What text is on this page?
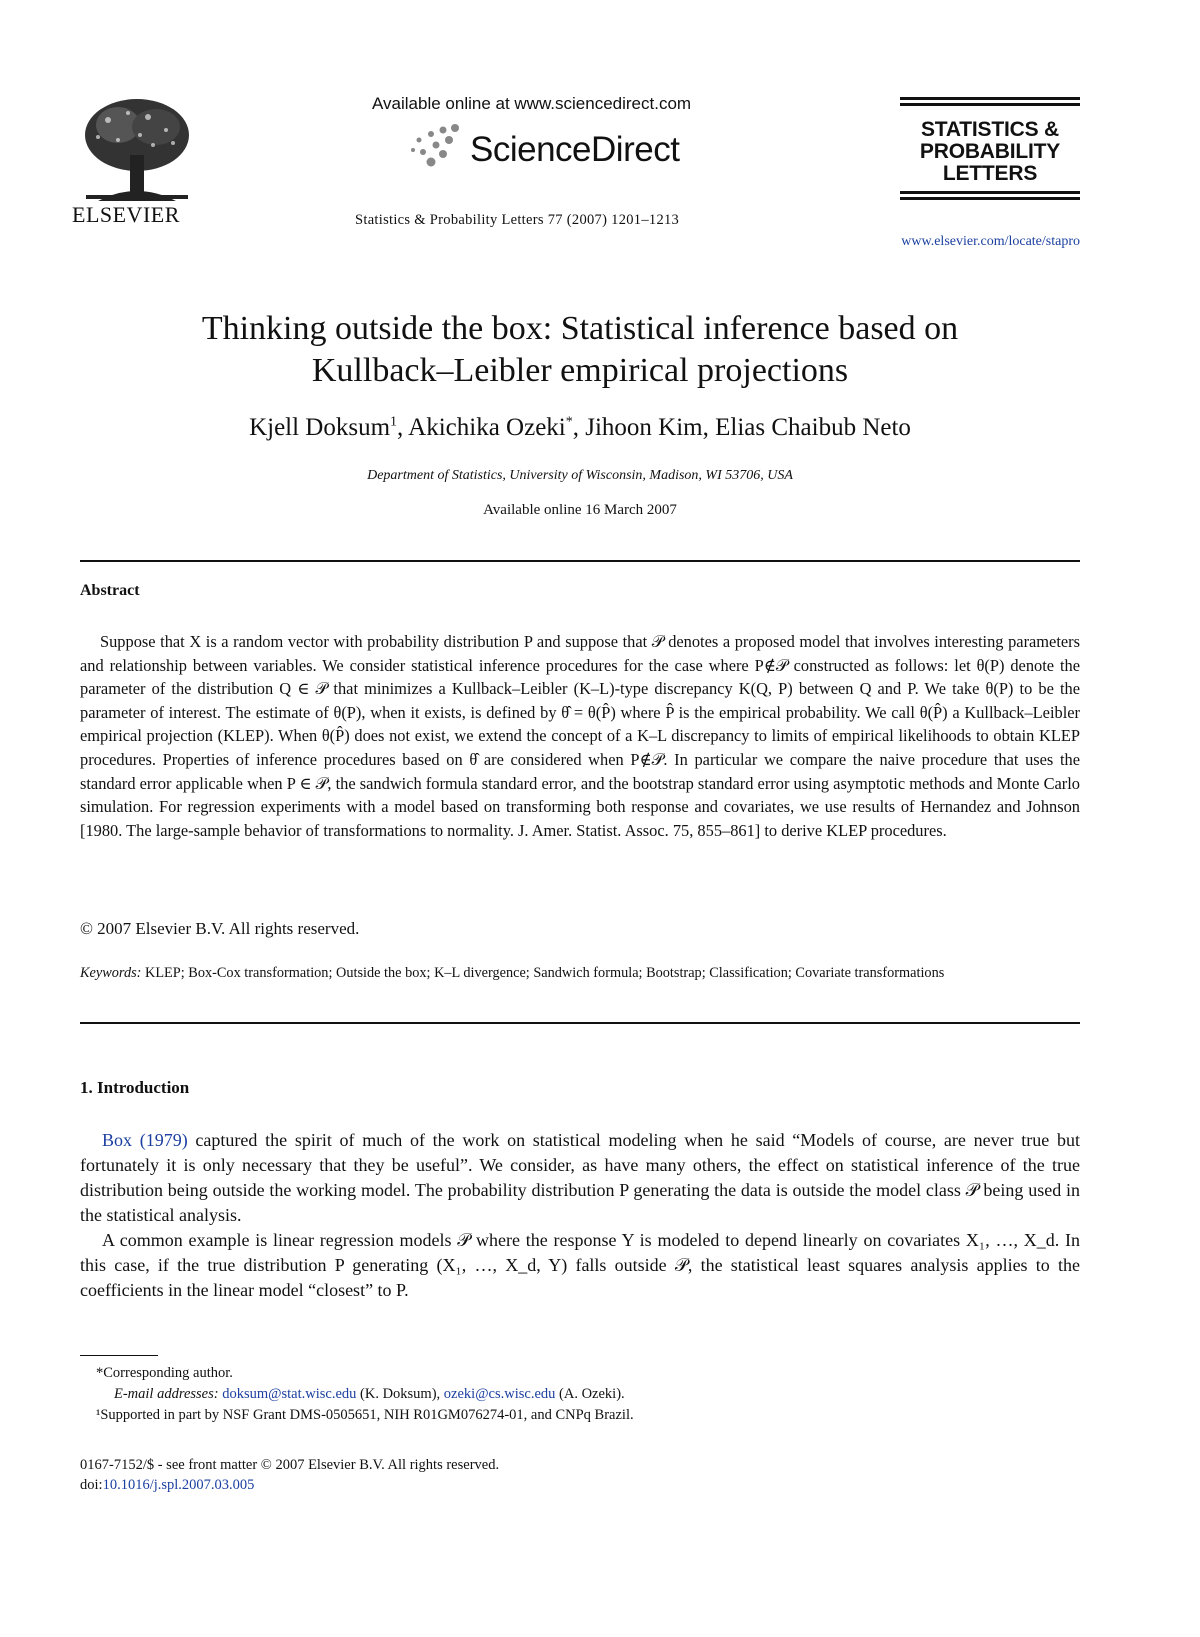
ELSEVIER
Available online at www.sciencedirect.com
ScienceDirect
Statistics & Probability Letters 77 (2007) 1201–1213
STATISTICS &
PROBABILITY
LETTERS
www.elsevier.com/locate/stapro
Thinking outside the box: Statistical inference based on
Kullback–Leibler empirical projections
Kjell Doksum$^1$, Akichika Ozeki*, Jihoon Kim, Elias Chaibub Neto
Department of Statistics, University of Wisconsin, Madison, WI 53706, USA
Available online 16 March 2007
Abstract

Suppose that X is a random vector with probability distribution P and suppose that 𝒫 denotes a proposed model that involves interesting parameters and relationship between variables. We consider statistical inference procedures for the case where P∉𝒫 constructed as follows: let θ(P) denote the parameter of the distribution Q ∈ 𝒫 that minimizes a Kullback–Leibler (K–L)-type discrepancy K(Q, P) between Q and P. We take θ(P) to be the parameter of interest. The estimate of θ(P), when it exists, is defined by θ̂ = θ(P̂) where P̂ is the empirical probability. We call θ(P̂) a Kullback–Leibler empirical projection (KLEP). When θ(P̂) does not exist, we extend the concept of a K–L discrepancy to limits of empirical likelihoods to obtain KLEP procedures. Properties of inference procedures based on θ̂ are considered when P∉𝒫. In particular we compare the naive procedure that uses the standard error applicable when P ∈ 𝒫, the sandwich formula standard error, and the bootstrap standard error using asymptotic methods and Monte Carlo simulation. For regression experiments with a model based on transforming both response and covariates, we use results of Hernandez and Johnson [1980. The large-sample behavior of transformations to normality. J. Amer. Statist. Assoc. 75, 855–861] to derive KLEP procedures.

© 2007 Elsevier B.V. All rights reserved.
Keywords: KLEP; Box-Cox transformation; Outside the box; K–L divergence; Sandwich formula; Bootstrap; Classification; Covariate transformations
1. Introduction

Box (1979) captured the spirit of much of the work on statistical modeling when he said “Models of course, are never true but fortunately it is only necessary that they be useful”. We consider, as have many others, the effect on statistical inference of the true distribution being outside the working model. The probability distribution P generating the data is outside the model class 𝒫 being used in the statistical analysis.

A common example is linear regression models 𝒫 where the response Y is modeled to depend linearly on covariates X₁, …, X_d. In this case, if the true distribution P generating (X₁, …, X_d, Y) falls outside 𝒫, the statistical least squares analysis applies to the coefficients in the linear model “closest” to P.

*Corresponding author.
E-mail addresses: doksum@stat.wisc.edu (K. Doksum), ozeki@cs.wisc.edu (A. Ozeki).
¹Supported in part by NSF Grant DMS-0505651, NIH R01GM076274-01, and CNPq Brazil.
0167-7152/$ - see front matter © 2007 Elsevier B.V. All rights reserved.
doi:10.1016/j.spl.2007.03.005
